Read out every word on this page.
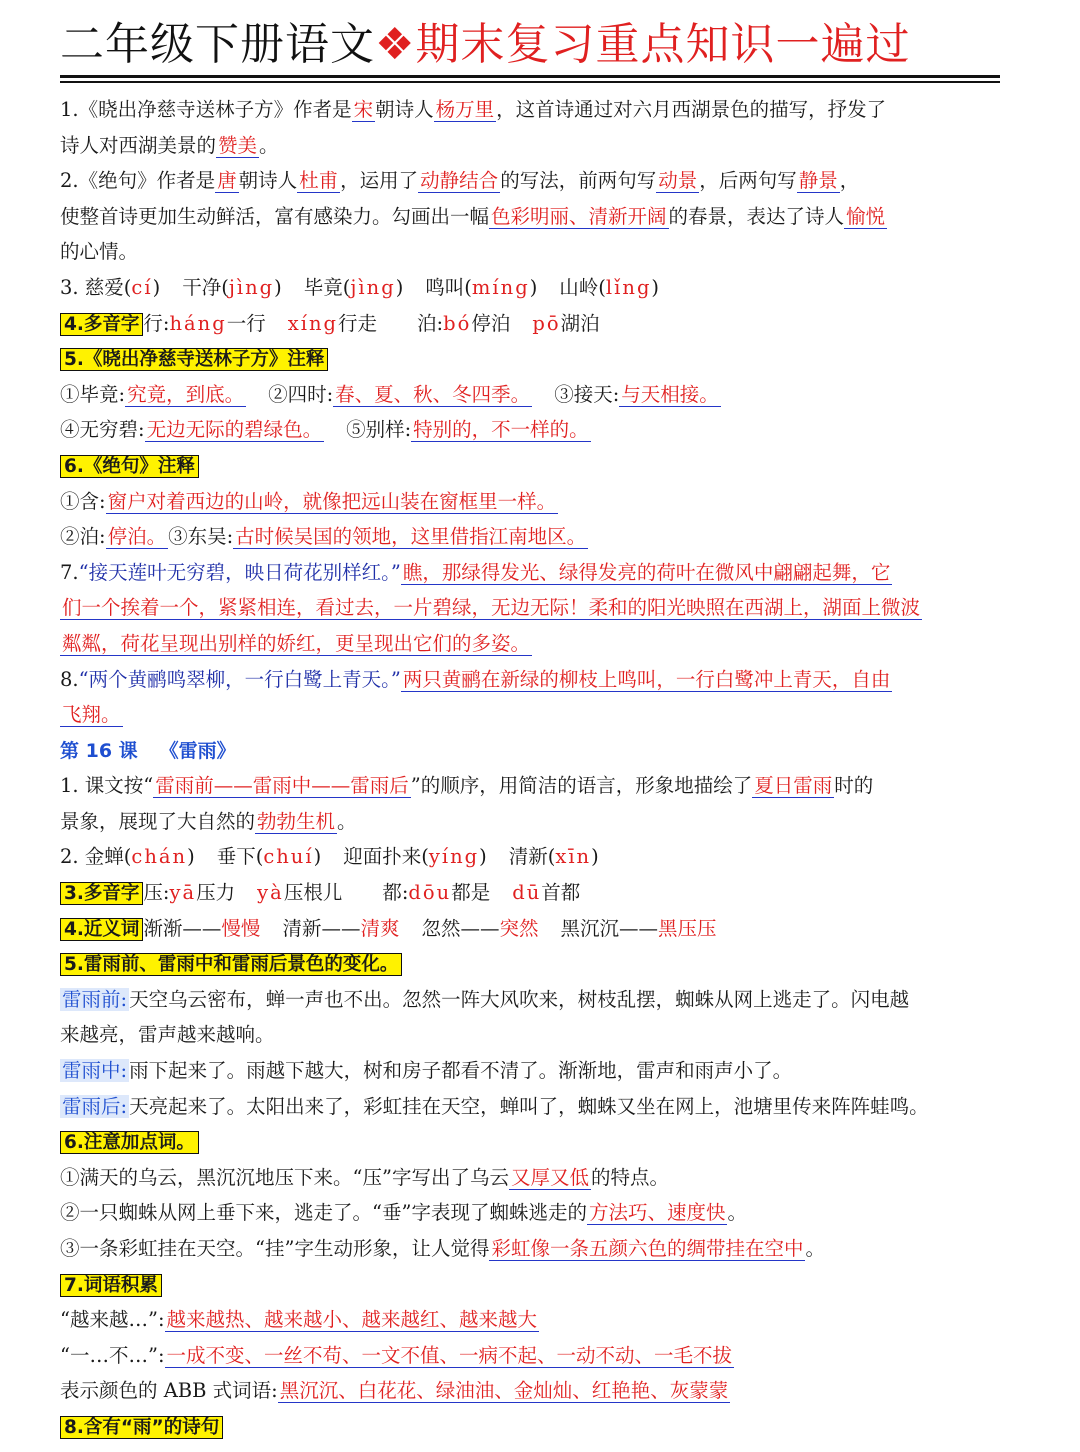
二年级下册语文❖期末复习重点知识一遍过
1.《晓出净慈寺送林子方》作者是 宋 朝诗人 杨万里 ，这首诗通过对六月西湖景色的描写，抒发了
诗人对西湖美景的 赞美 。
2.《绝句》作者是 唐 朝诗人 杜甫 ，运用了 动静结合 的写法，前两句写 动景 ，后两句写 静景 ，
使整首诗更加生动鲜活，富有感染力。勾画出一幅 色彩明丽、清新开阔 的春景，表达了诗人 愉悦
的心情。
3. 慈爱(cí) 干净(jìng) 毕竟(jìng) 鸣叫(míng) 山岭(lǐng)
4.多音字 行:háng一行 xíng行走 泊:bó停泊 pō湖泊
5.《晓出净慈寺送林子方》注释
①毕竟: 究竟，到底。 ②四时: 春、夏、秋、冬四季。 ③接天: 与天相接。
④无穷碧: 无边无际的碧绿色。 ⑤别样: 特别的，不一样的。
6.《绝句》注释
①含: 窗户对着西边的山岭，就像把远山装在窗框里一样。
②泊: 停泊。 ③东吴: 古时候吴国的领地，这里借指江南地区。
7.“接天莲叶无穷碧，映日荷花别样红。” 瞧，那绿得发光、绿得发亮的荷叶在微风中翩翩起舞，它
们一个挨着一个，紧紧相连，看过去，一片碧绿，无边无际！柔和的阳光映照在西湖上，湖面上微波
粼粼，荷花呈现出别样的娇红，更呈现出它们的多姿。
8.“两个黄鹂鸣翠柳，一行白鹭上青天。” 两只黄鹂在新绿的柳枝上鸣叫，一行白鹭冲上青天，自由
飞翔。
第 16 课 《雷雨》
1. 课文按“ 雷雨前——雷雨中——雷雨后 ”的顺序，用简洁的语言，形象地描绘了 夏日雷雨 时的
景象，展现了大自然的 勃勃生机 。
2. 金蝉(chán) 垂下(chuí) 迎面扑来(yíng) 清新(xīn)
3.多音字 压:yā压力 yà压根儿 都:dōu都是 dū首都
4.近义词 渐渐——慢慢 清新——清爽 忽然——突然 黑沉沉——黑压压
5.雷雨前、雷雨中和雷雨后景色的变化。
雷雨前: 天空乌云密布，蝉一声也不出。忽然一阵大风吹来，树枝乱摆，蜘蛛从网上逃走了。闪电越
来越亮，雷声越来越响。
雷雨中: 雨下起来了。雨越下越大，树和房子都看不清了。渐渐地，雷声和雨声小了。
雷雨后: 天亮起来了。太阳出来了，彩虹挂在天空，蝉叫了，蜘蛛又坐在网上，池塘里传来阵阵蛙鸣。
6.注意加点词。
①满天的乌云，黑沉沉地压下来。“压”字写出了乌云 又厚又低 的特点。
②一只蜘蛛从网上垂下来，逃走了。“垂”字表现了蜘蛛逃走的 方法巧、速度快 。
③一条彩虹挂在天空。“挂”字生动形象，让人觉得 彩虹像一条五颜六色的绸带挂在空中 。
7.词语积累
“越来越…”: 越来越热、越来越小、越来越红、越来越大
“一…不…”: 一成不变、一丝不苟、一文不值、一病不起、一动不动、一毛不拔
表示颜色的 ABB 式词语: 黑沉沉、白花花、绿油油、金灿灿、红艳艳、灰蒙蒙
8.含有“雨”的诗句
